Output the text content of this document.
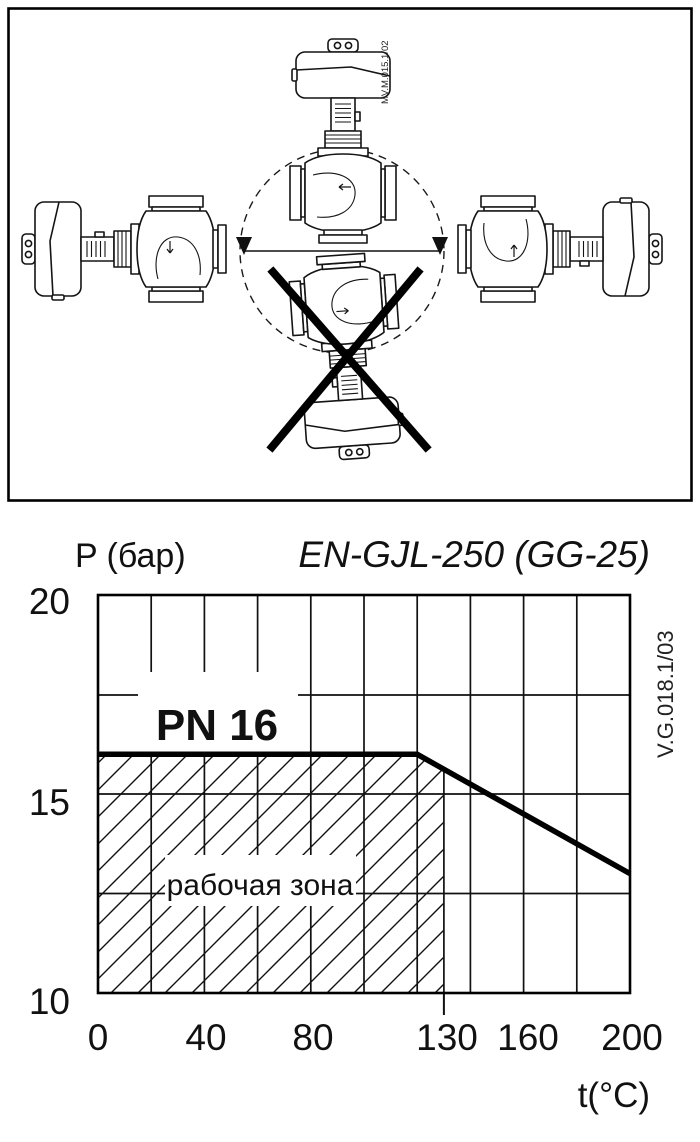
MV.M.015.1/02
P (бар)	EN-GJL-250 (GG-25)
PN 16
рабочая зона
20
15
10
0 40 80 130 160 200
t(°C)
V.G.018.1/03
